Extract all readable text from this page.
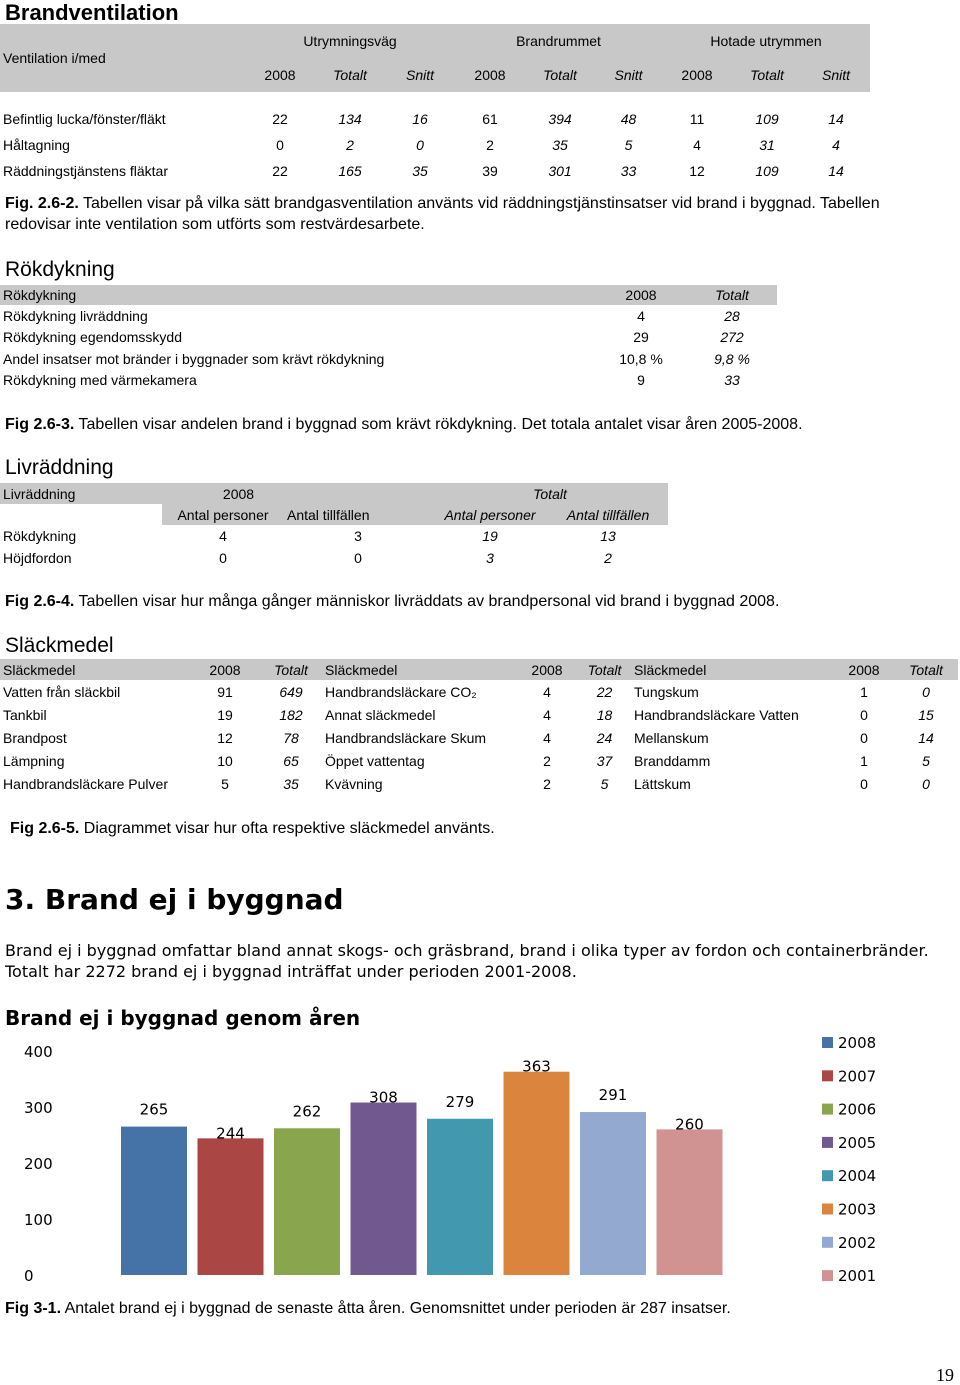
Brandventilation
Ventilation i/med	Utrymningsväg			Brandrummet			Hotade utrymmen		
	2008	Totalt	Snitt	2008	Totalt	Snitt	2008	Totalt	Snitt

Befintlig lucka/fönster/fläkt	22	134	16	61	394	48	11	109	14
Håltagning	0	2	0	2	35	5	4	31	4
Räddningstjänstens fläktar	22	165	35	39	301	33	12	109	14
Fig. 2.6-2. Tabellen visar på vilka sätt brandgasventilation använts vid räddningstjänstinsatser vid brand i byggnad. Tabellen redovisar inte ventilation som utförts som restvärdesarbete.
Rökdykning
Rökdykning	2008	Totalt
Rökdykning livräddning	4	28
Rökdykning egendomsskydd	29	272
Andel insatser mot bränder i byggnader som krävt rökdykning	10,8 %	9,8 %
Rökdykning med värmekamera	9	33
Fig 2.6-3. Tabellen visar andelen brand i byggnad som krävt rökdykning. Det totala antalet visar åren 2005-2008.
Livräddning
Livräddning	2008		Totalt	
	Antal personer	Antal tillfällen	Antal personer	Antal tillfällen
Rökdykning	4	3	19	13
Höjdfordon	0	0	3	2
Fig 2.6-4. Tabellen visar hur många gånger människor livräddats av brandpersonal vid brand i byggnad 2008.
Släckmedel
Släckmedel	2008	Totalt	Släckmedel	2008	Totalt	Släckmedel	2008	Totalt
Vatten från släckbil	91	649	Handbrandsläckare CO₂	4	22	Tungskum	1	0
Tankbil	19	182	Annat släckmedel	4	18	Handbrandsläckare Vatten	0	15
Brandpost	12	78	Handbrandsläckare Skum	4	24	Mellanskum	0	14
Lämpning	10	65	Öppet vattentag	2	37	Branddamm	1	5
Handbrandsläckare Pulver	5	35	Kvävning	2	5	Lättskum	0	0
Fig 2.6-5. Diagrammet visar hur ofta respektive släckmedel använts.
3. Brand ej i byggnad
Brand ej i byggnad omfattar bland annat skogs- och gräsbrand, brand i olika typer av fordon och containerbränder. Totalt har 2272 brand ej i byggnad inträffat under perioden 2001-2008.
Brand ej i byggnad genom åren
0
100
200
300
400
265
244
262
308	279
363
291
260
2008
2007
2006
2005
2004
2003
2002
2001
Fig 3-1. Antalet brand ej i byggnad de senaste åtta åren. Genomsnittet under perioden är 287 insatser.
19
